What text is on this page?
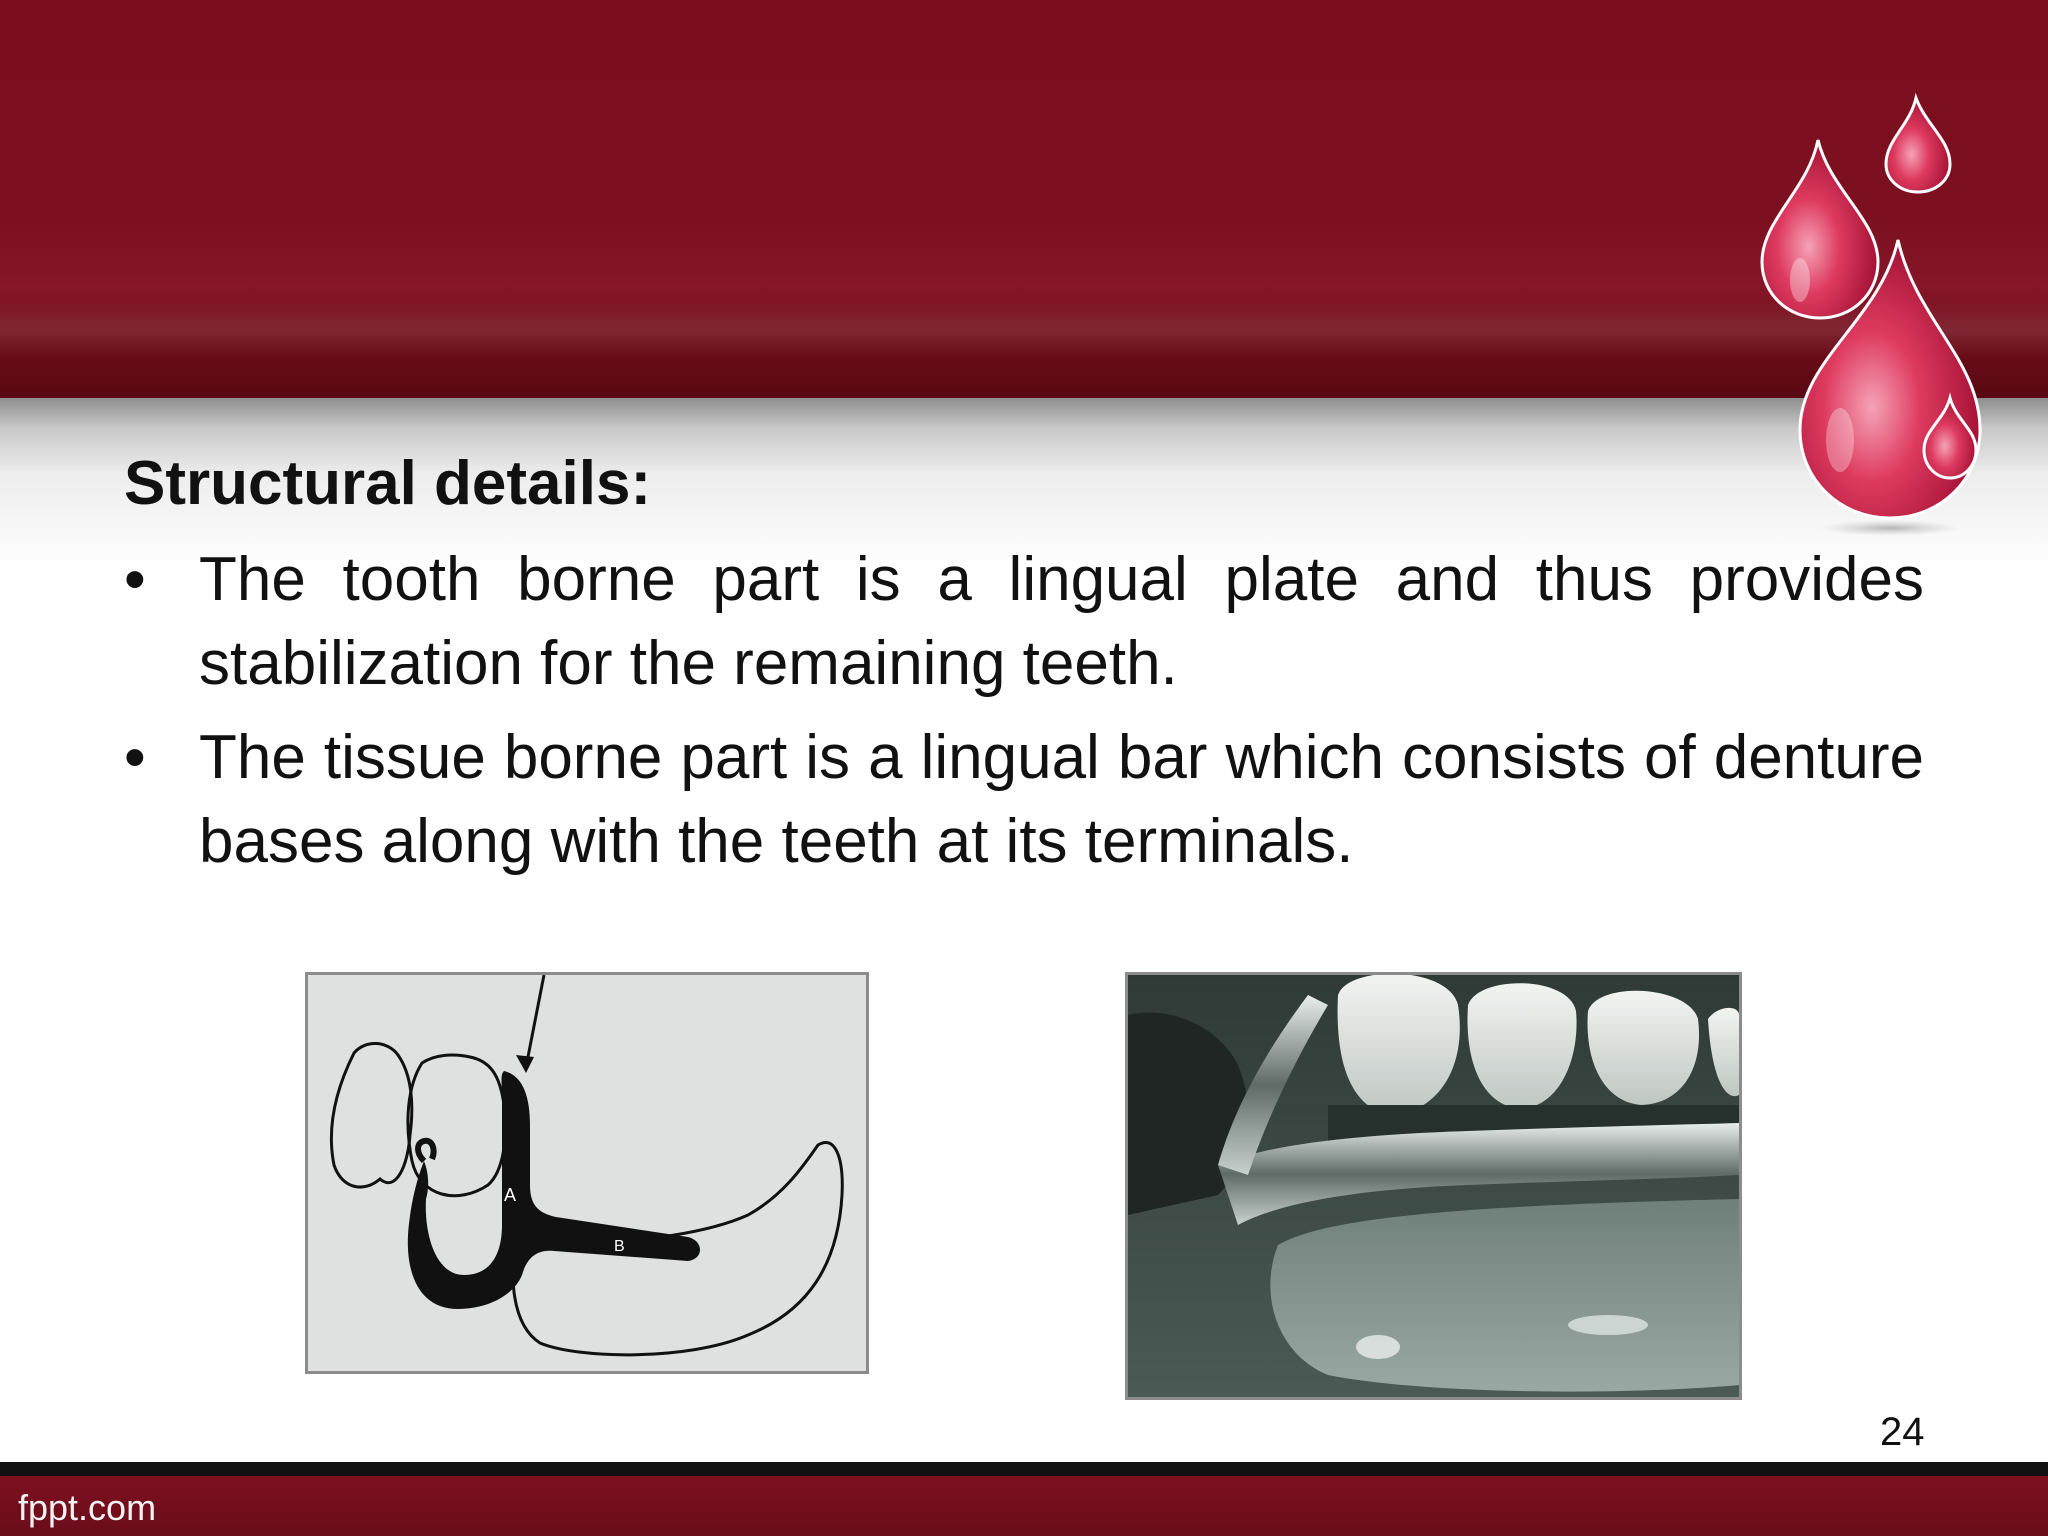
Structural details:
• The tooth borne part is a lingual plate and thus provides stabilization for the remaining teeth.
• The tissue borne part is a lingual bar which consists of denture bases along with the teeth at its terminals.
A
B
24
fppt.com
